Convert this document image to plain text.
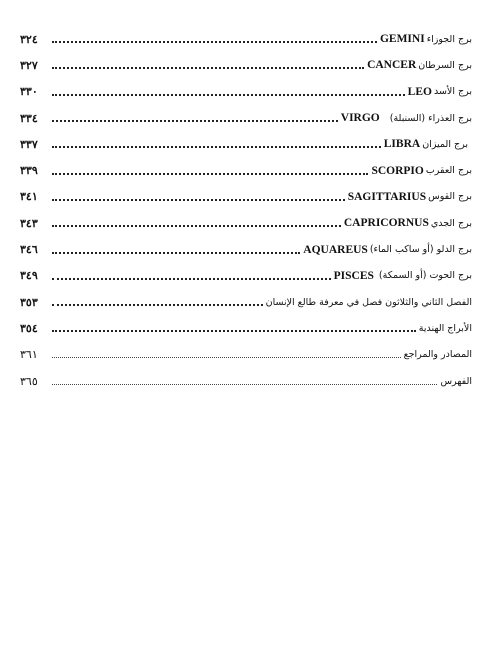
٣٢٤	GEMINI برج الجوزاء
٣٢٧	CANCER برج السرطان
٣٣٠	LEO برج الأسد
٣٣٤	VIRGO برج العذراء (السنبلة)
٣٣٧	LIBRA برج الميزان
٣٣٩	SCORPIO برج العقرب
٣٤١	SAGITTARIUS برج القوس
٣٤٣	CAPRICORNUS برج الجدي
٣٤٦	AQUAREUS برج الدلو (أو ساكب الماء)
٣٤٩	PISCES برج الحوت (أو السمكة)
٣٥٣	الفصل الثاني والثلاثون فصل في معرفة طالع الإنسان
٣٥٤	الأبراج الهندية
٣٦١	المصادر والمراجع
٣٦٥	الفهرس
